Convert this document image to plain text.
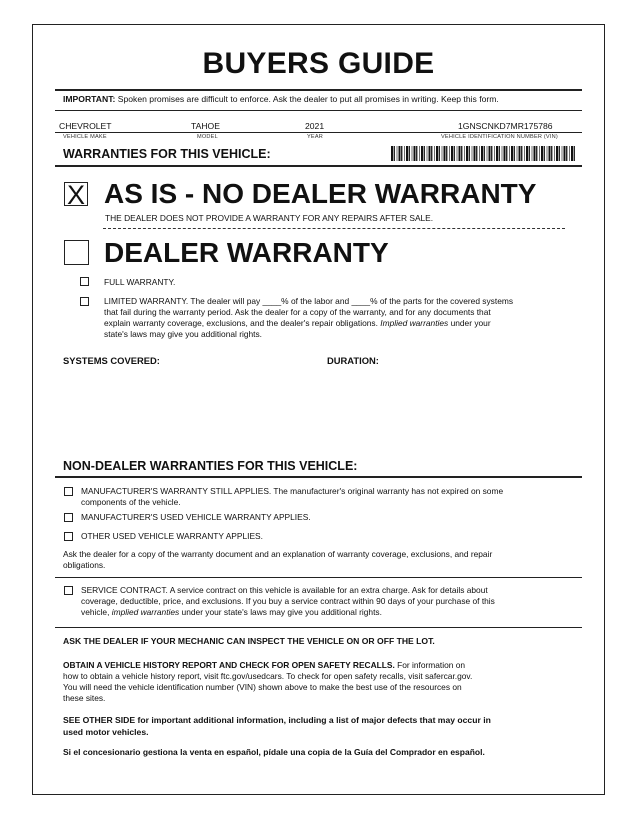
BUYERS GUIDE
IMPORTANT: Spoken promises are difficult to enforce. Ask the dealer to put all promises in writing. Keep this form.
CHEVROLET	TAHOE	2021	1GNSCNKD7MR175786
VEHICLE MAKE	MODEL	YEAR	VEHICLE IDENTIFICATION NUMBER (VIN)
WARRANTIES FOR THIS VEHICLE:
X AS IS - NO DEALER WARRANTY
THE DEALER DOES NOT PROVIDE A WARRANTY FOR ANY REPAIRS AFTER SALE.
DEALER WARRANTY
FULL WARRANTY.
LIMITED WARRANTY. The dealer will pay ____% of the labor and ____% of the parts for the covered systems
that fail during the warranty period. Ask the dealer for a copy of the warranty, and for any documents that
explain warranty coverage, exclusions, and the dealer's repair obligations. Implied warranties under your
state's laws may give you additional rights.
SYSTEMS COVERED:	DURATION:
NON-DEALER WARRANTIES FOR THIS VEHICLE:
MANUFACTURER'S WARRANTY STILL APPLIES. The manufacturer's original warranty has not expired on some
components of the vehicle.
MANUFACTURER'S USED VEHICLE WARRANTY APPLIES.
OTHER USED VEHICLE WARRANTY APPLIES.
Ask the dealer for a copy of the warranty document and an explanation of warranty coverage, exclusions, and repair
obligations.
SERVICE CONTRACT. A service contract on this vehicle is available for an extra charge. Ask for details about
coverage, deductible, price, and exclusions. If you buy a service contract within 90 days of your purchase of this
vehicle, implied warranties under your state's laws may give you additional rights.
ASK THE DEALER IF YOUR MECHANIC CAN INSPECT THE VEHICLE ON OR OFF THE LOT.
OBTAIN A VEHICLE HISTORY REPORT AND CHECK FOR OPEN SAFETY RECALLS. For information on
how to obtain a vehicle history report, visit ftc.gov/usedcars. To check for open safety recalls, visit safercar.gov.
You will need the vehicle identification number (VIN) shown above to make the best use of the resources on
these sites.
SEE OTHER SIDE for important additional information, including a list of major defects that may occur in
used motor vehicles.
Si el concesionario gestiona la venta en español, pídale una copia de la Guía del Comprador en español.
